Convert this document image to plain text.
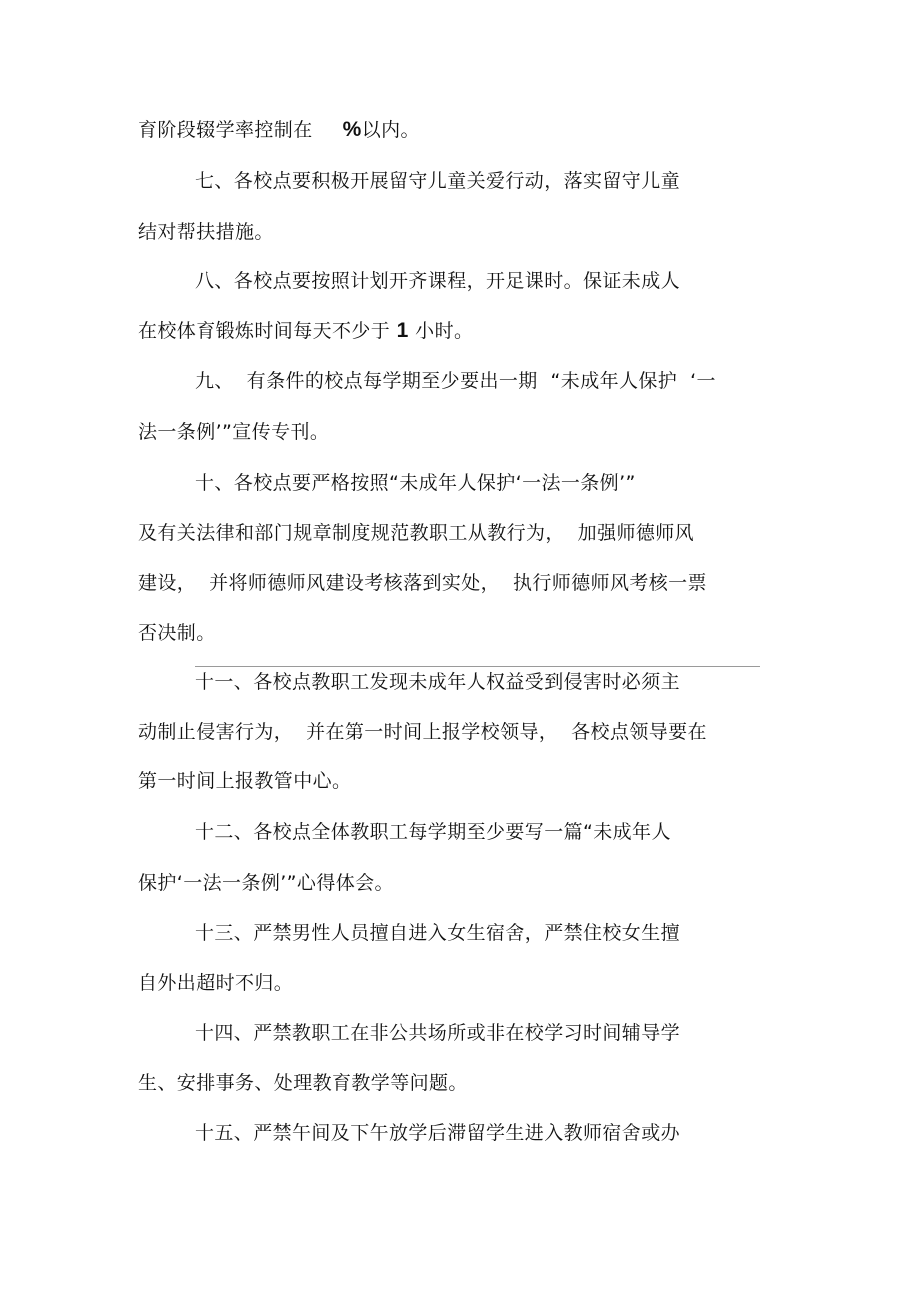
育阶段辍学率控制在 %以内。
七、各校点要积极开展留守儿童关爱行动，落实留守儿童
结对帮扶措施。
八、各校点要按照计划开齐课程，开足课时。保证未成人
在校体育锻炼时间每天不少于 1 小时。
九、  有条件的校点每学期至少要出一期  “未成年人保护  ‘一
法一条例’”宣传专刊。
十、各校点要严格按照“未成年人保护‘一法一条例’”
及有关法律和部门规章制度规范教职工从教行为，  加强师德师风
建设，  并将师德师风建设考核落到实处，  执行师德师风考核一票
否决制。
十一、各校点教职工发现未成年人权益受到侵害时必须主
动制止侵害行为，  并在第一时间上报学校领导，  各校点领导要在
第一时间上报教管中心。
十二、各校点全体教职工每学期至少要写一篇“未成年人
保护‘一法一条例’”心得体会。
十三、严禁男性人员擅自进入女生宿舍，严禁住校女生擅
自外出超时不归。
十四、严禁教职工在非公共场所或非在校学习时间辅导学
生、安排事务、处理教育教学等问题。
十五、严禁午间及下午放学后滞留学生进入教师宿舍或办
